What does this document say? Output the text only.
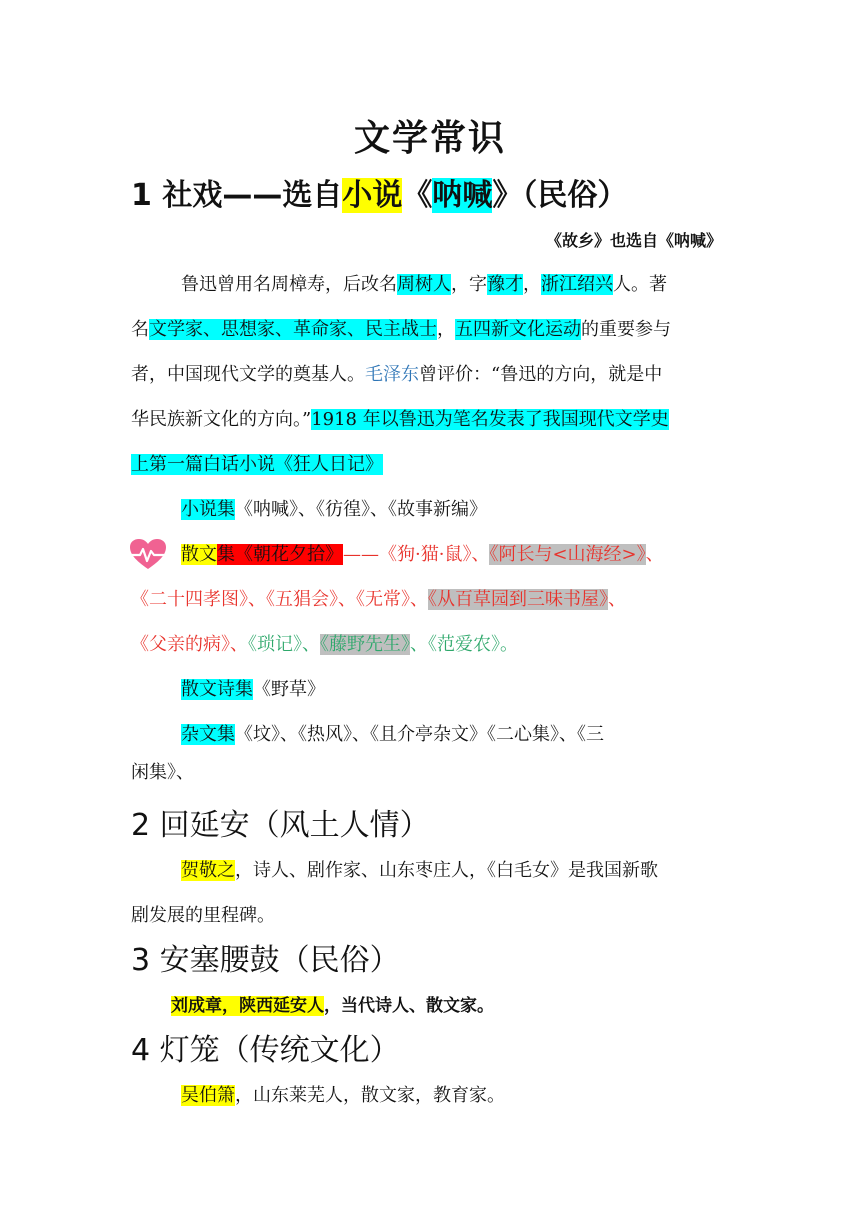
文学常识
1 社戏——选自小说《呐喊》（民俗）
《故乡》也选自《呐喊》
鲁迅曾用名周樟寿，后改名周树人，字豫才，浙江绍兴人。著
名文学家、思想家、革命家、民主战士，五四新文化运动的重要参与
者，中国现代文学的奠基人。毛泽东曾评价：“鲁迅的方向，就是中
华民族新文化的方向。”1918 年以鲁迅为笔名发表了我国现代文学史
上第一篇白话小说《狂人日记》
小说集《呐喊》、《彷徨》、《故事新编》
散文集《朝花夕拾》——《狗·猫·鼠》、《阿长与<山海经>》、
《二十四孝图》、《五猖会》、《无常》、《从百草园到三味书屋》、
《父亲的病》、《琐记》、《藤野先生》、《范爱农》。
散文诗集《野草》
杂文集《坟》、《热风》、《且介亭杂文》《二心集》、《三
闲集》、
2 回延安（风土人情）
贺敬之，诗人、剧作家、山东枣庄人，《白毛女》是我国新歌
剧发展的里程碑。
3 安塞腰鼓（民俗）
刘成章，陕西延安人，当代诗人、散文家。
4 灯笼（传统文化）
吴伯箫，山东莱芜人，散文家，教育家。
